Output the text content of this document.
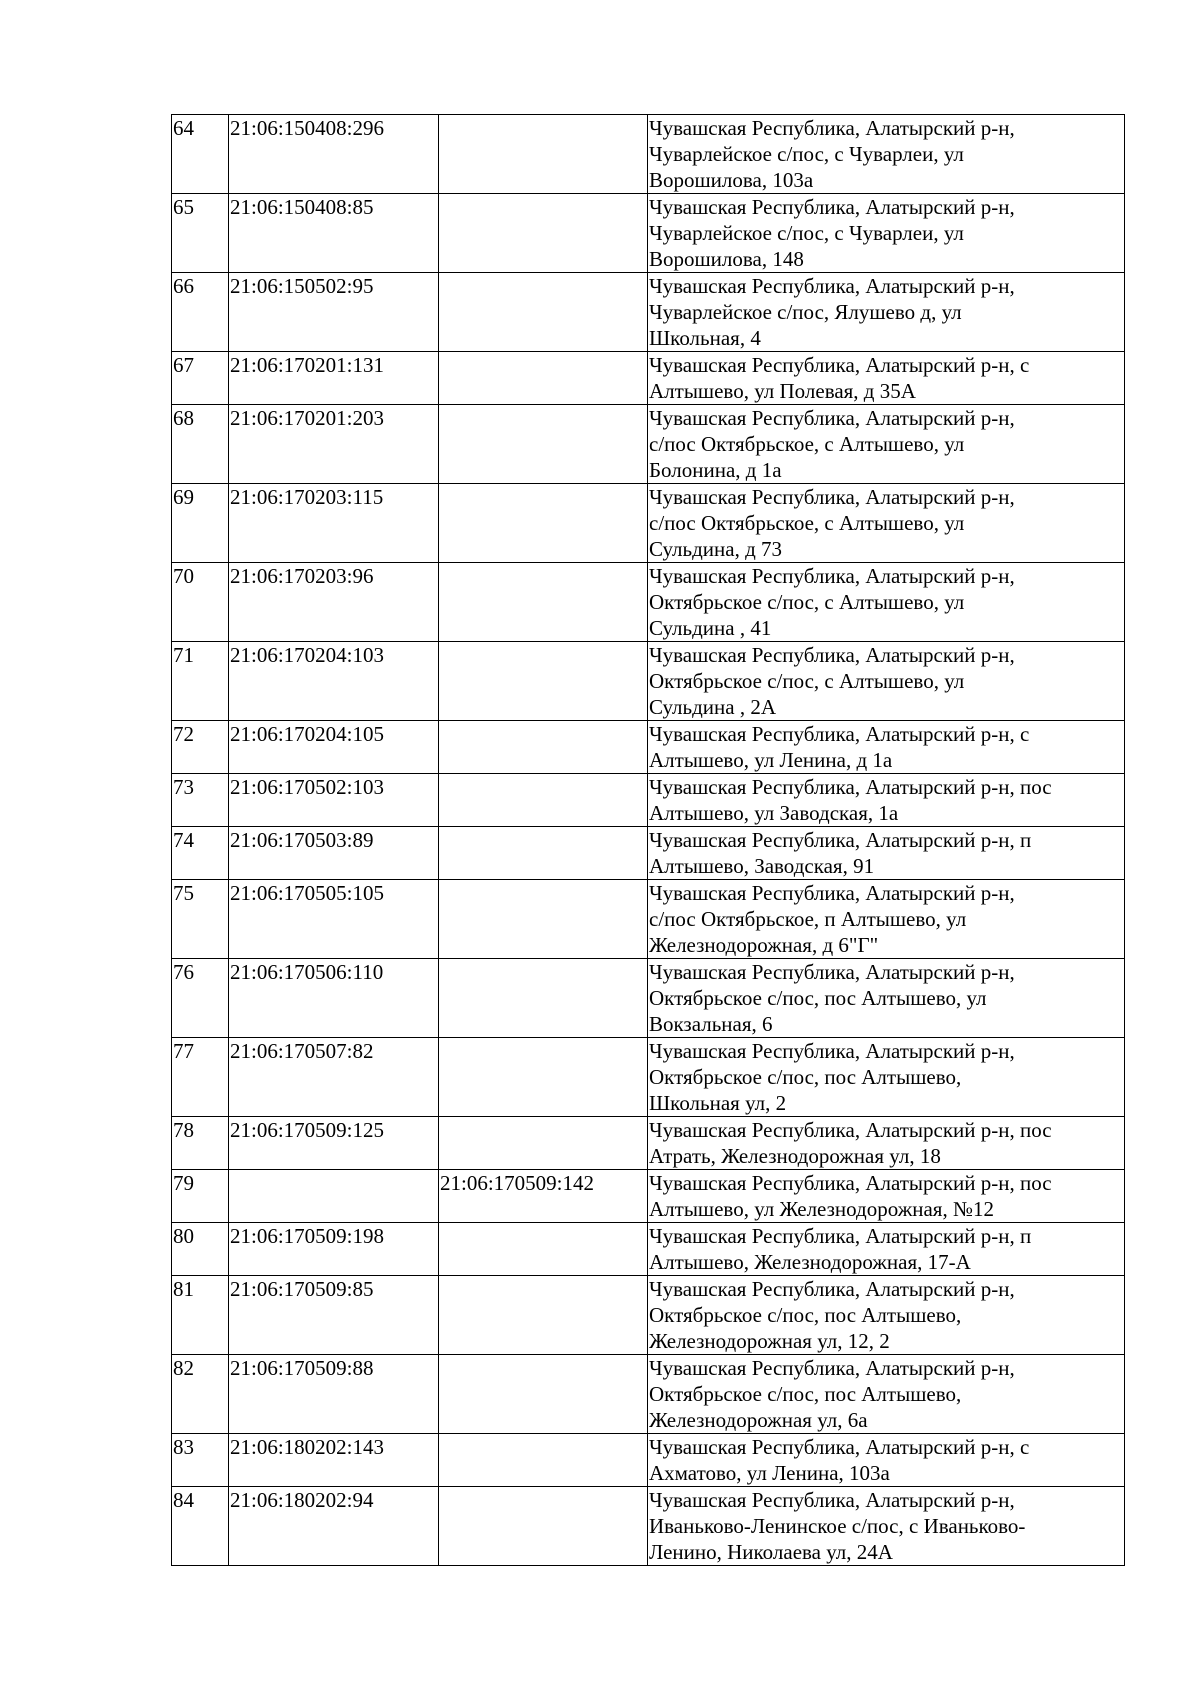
64	21:06:150408:296		Чувашская Республика, Алатырский р-н,
Чуварлейское с/пос, с Чуварлеи, ул
Ворошилова, 103а
65	21:06:150408:85		Чувашская Республика, Алатырский р-н,
Чуварлейское с/пос, с Чуварлеи, ул
Ворошилова, 148
66	21:06:150502:95		Чувашская Республика, Алатырский р-н,
Чуварлейское с/пос, Ялушево д, ул
Школьная, 4
67	21:06:170201:131		Чувашская Республика, Алатырский р-н, с
Алтышево, ул Полевая, д 35А
68	21:06:170201:203		Чувашская Республика, Алатырский р-н,
с/пос Октябрьское, с Алтышево, ул
Болонина, д 1а
69	21:06:170203:115		Чувашская Республика, Алатырский р-н,
с/пос Октябрьское, с Алтышево, ул
Сульдина, д 73
70	21:06:170203:96		Чувашская Республика, Алатырский р-н,
Октябрьское с/пос, с Алтышево, ул
Сульдина , 41
71	21:06:170204:103		Чувашская Республика, Алатырский р-н,
Октябрьское с/пос, с Алтышево, ул
Сульдина , 2А
72	21:06:170204:105		Чувашская Республика, Алатырский р-н, с
Алтышево, ул Ленина, д 1а
73	21:06:170502:103		Чувашская Республика, Алатырский р-н, пос
Алтышево, ул Заводская, 1а
74	21:06:170503:89		Чувашская Республика, Алатырский р-н, п
Алтышево, Заводская, 91
75	21:06:170505:105		Чувашская Республика, Алатырский р-н,
с/пос Октябрьское, п Алтышево, ул
Железнодорожная, д 6"Г"
76	21:06:170506:110		Чувашская Республика, Алатырский р-н,
Октябрьское с/пос, пос Алтышево, ул
Вокзальная, 6
77	21:06:170507:82		Чувашская Республика, Алатырский р-н,
Октябрьское с/пос, пос Алтышево,
Школьная ул, 2
78	21:06:170509:125		Чувашская Республика, Алатырский р-н, пос
Атрать, Железнодорожная ул, 18
79		21:06:170509:142	Чувашская Республика, Алатырский р-н, пос
Алтышево, ул Железнодорожная, №12
80	21:06:170509:198		Чувашская Республика, Алатырский р-н, п
Алтышево, Железнодорожная, 17-А
81	21:06:170509:85		Чувашская Республика, Алатырский р-н,
Октябрьское с/пос, пос Алтышево,
Железнодорожная ул, 12, 2
82	21:06:170509:88		Чувашская Республика, Алатырский р-н,
Октябрьское с/пос, пос Алтышево,
Железнодорожная ул, 6а
83	21:06:180202:143		Чувашская Республика, Алатырский р-н, с
Ахматово, ул Ленина, 103а
84	21:06:180202:94		Чувашская Республика, Алатырский р-н,
Иваньково-Ленинское с/пос, с Иваньково-
Ленино, Николаева ул, 24А
